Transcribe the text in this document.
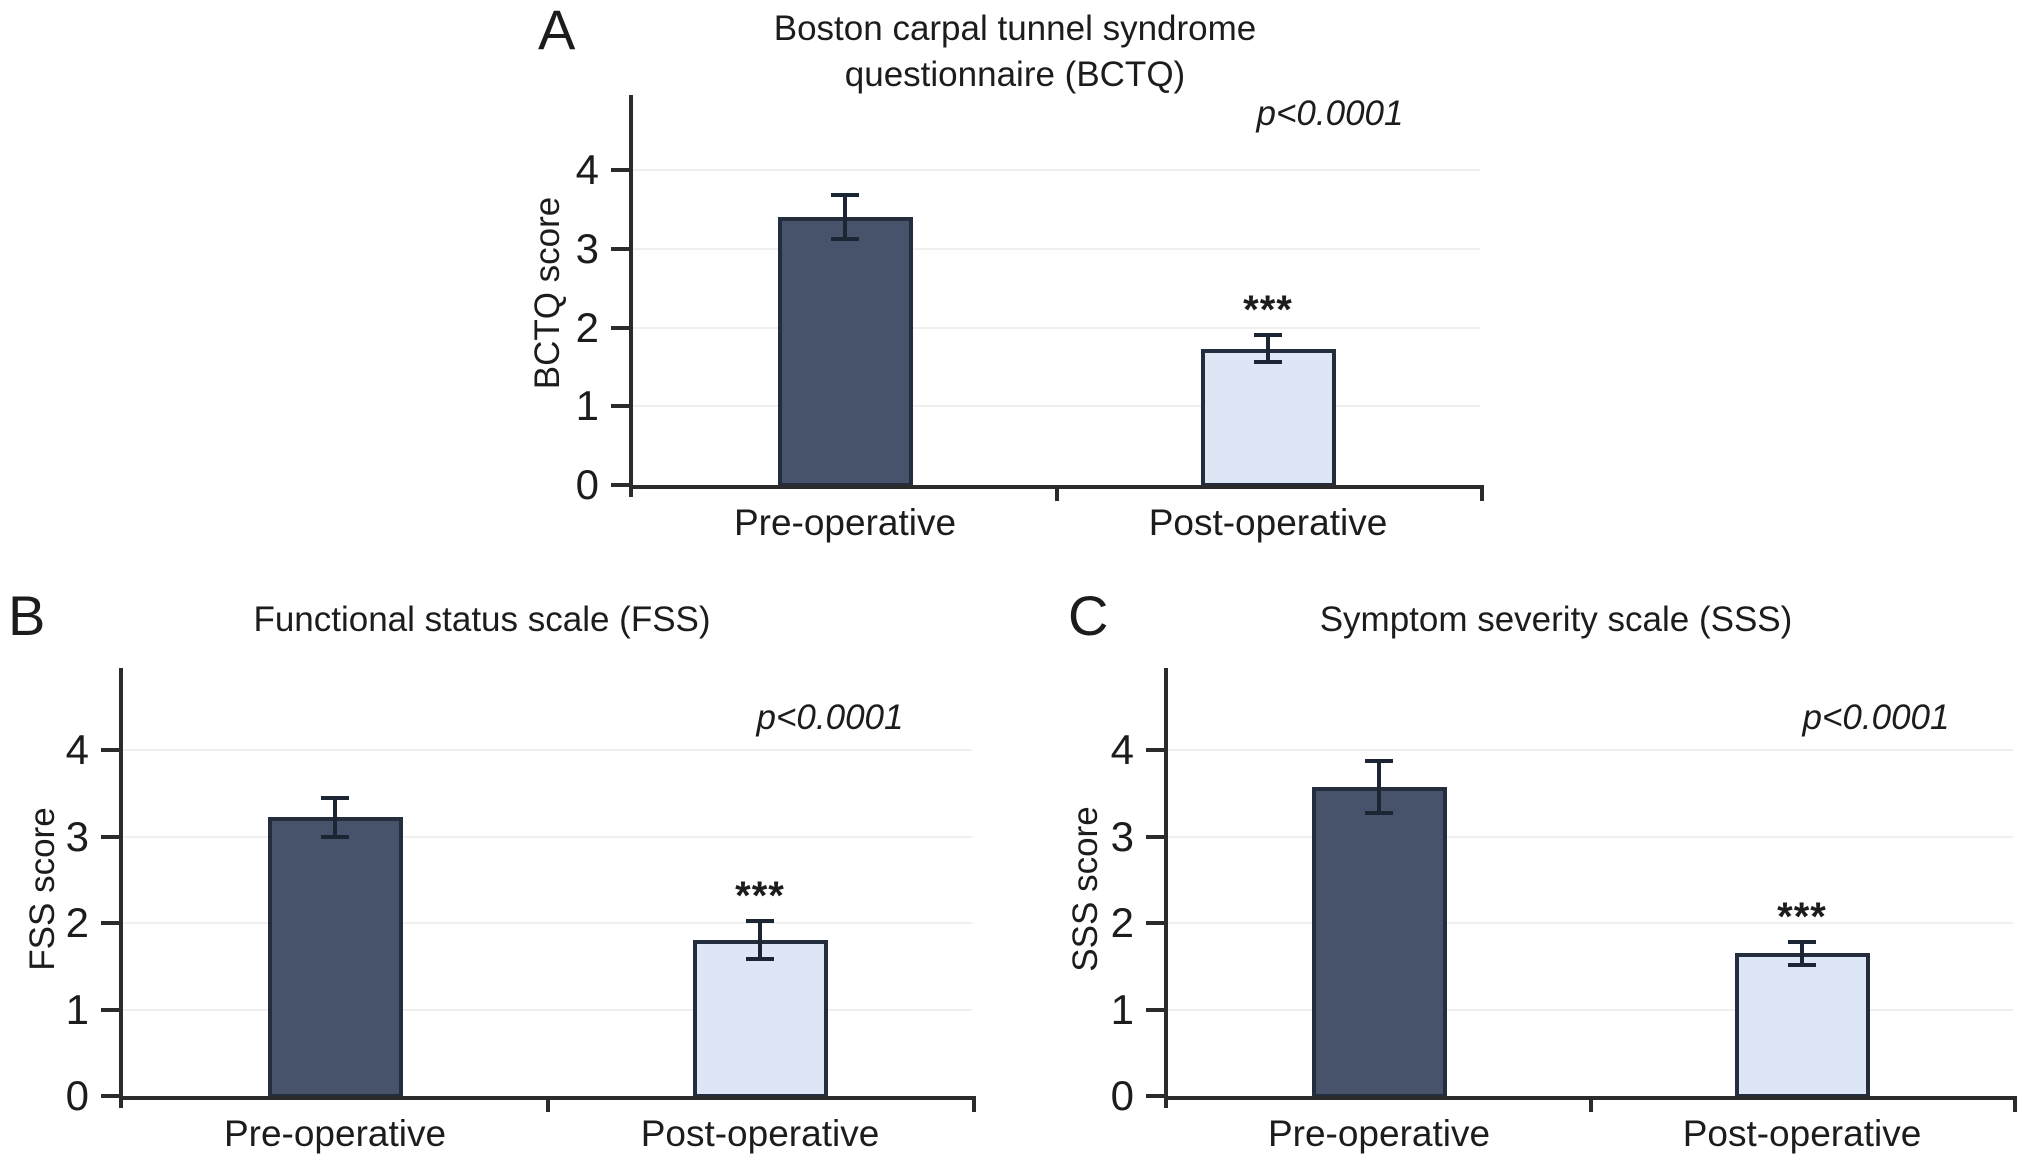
0
1
2
3
4
Pre-operative	Post-operative
***
p<0.0001
A	Boston carpal tunnel syndrome
questionnaire (BCTQ)
BCTQ score
0
1
2
3
4
Pre-operative	Post-operative
***
p<0.0001
B	Functional status scale (FSS)
FSS score
0
1
2
3
4
Pre-operative	Post-operative
***
p<0.0001
C	Symptom severity scale (SSS)
SSS score
